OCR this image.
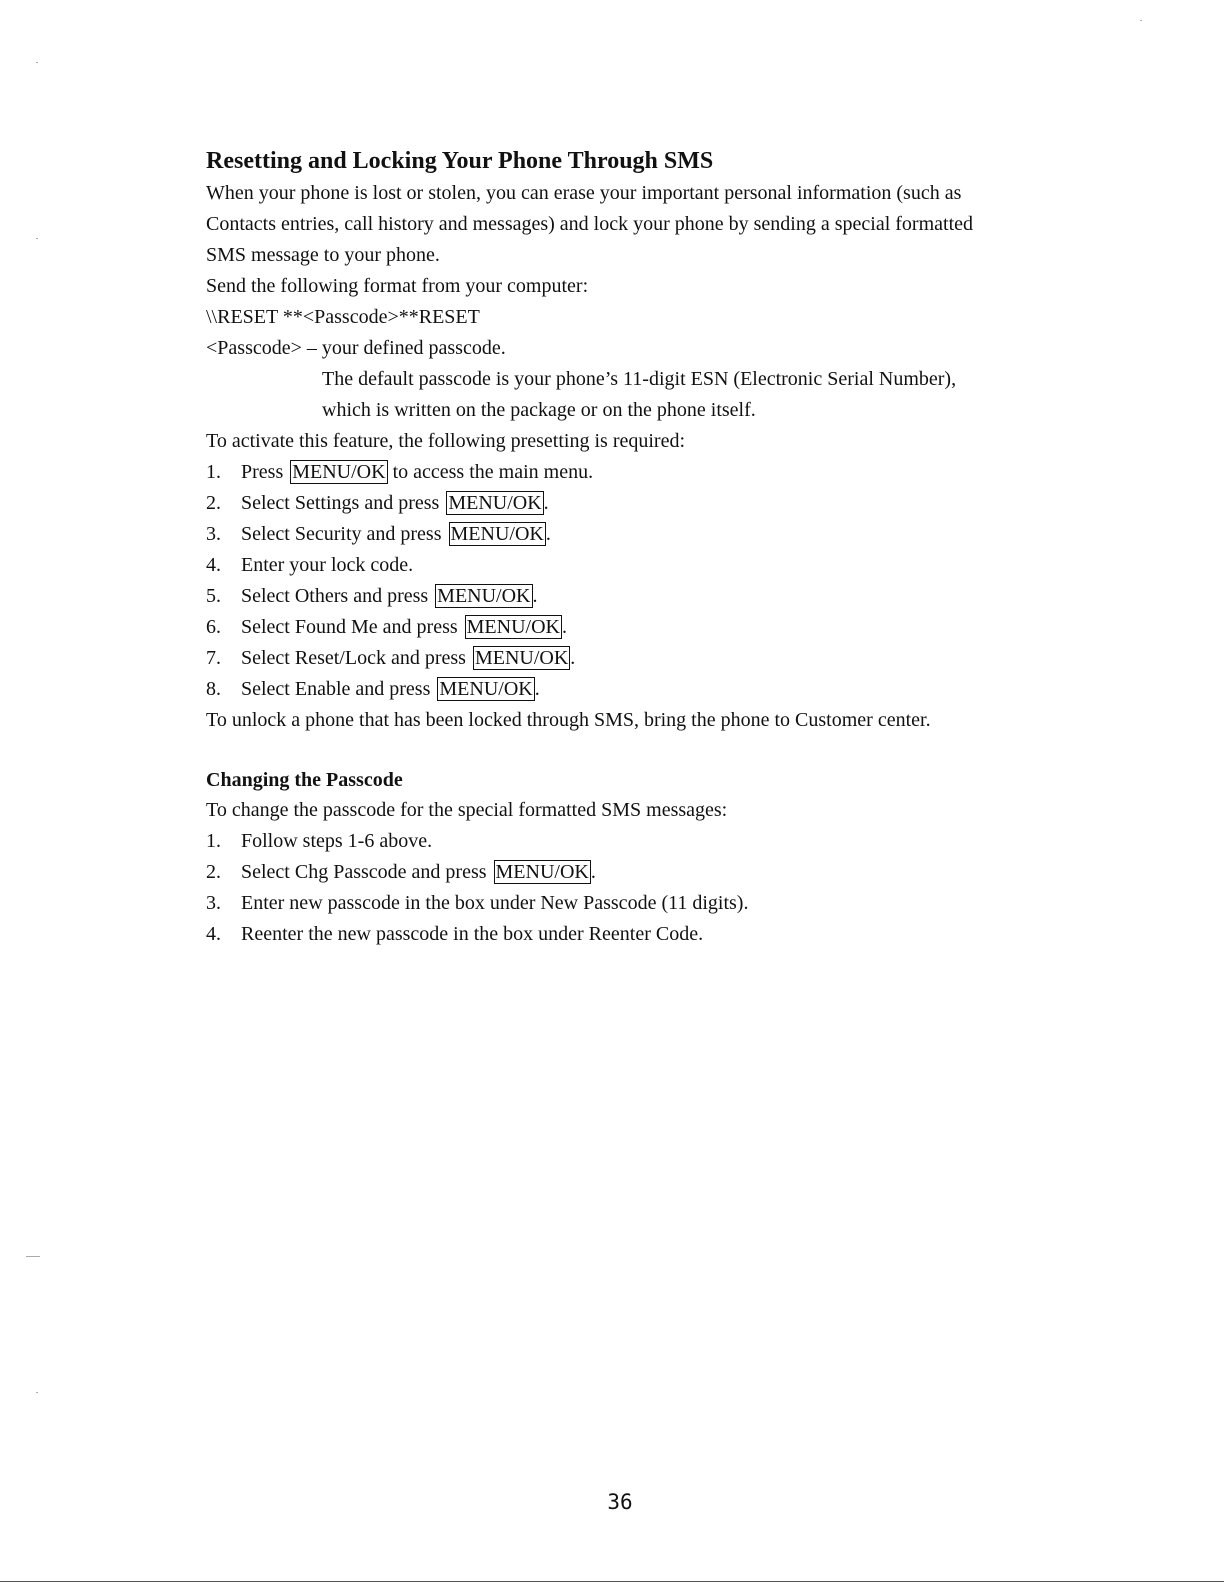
Resetting and Locking Your Phone Through SMS

When your phone is lost or stolen, you can erase your important personal information (such as

Contacts entries, call history and messages) and lock your phone by sending a special formatted

SMS message to your phone.

Send the following format from your computer:

\\RESET **<Passcode>**RESET

<Passcode> – your defined passcode.

The default passcode is your phone’s 11-digit ESN (Electronic Serial Number),

which is written on the package or on the phone itself.

To activate this feature, the following presetting is required:

1.	Press MENU/OK to access the main menu.
2.	Select Settings and press MENU/OK .
3.	Select Security and press MENU/OK .
4.	Enter your lock code.
5.	Select Others and press MENU/OK .
6.	Select Found Me and press MENU/OK .
7.	Select Reset/Lock and press MENU/OK .
8.	Select Enable and press MENU/OK .

To unlock a phone that has been locked through SMS, bring the phone to Customer center.

Changing the Passcode

To change the passcode for the special formatted SMS messages:

1.	Follow steps 1-6 above.
2.	Select Chg Passcode and press MENU/OK .
3.	Enter new passcode in the box under New Passcode (11 digits).
4.	Reenter the new passcode in the box under Reenter Code.
36
